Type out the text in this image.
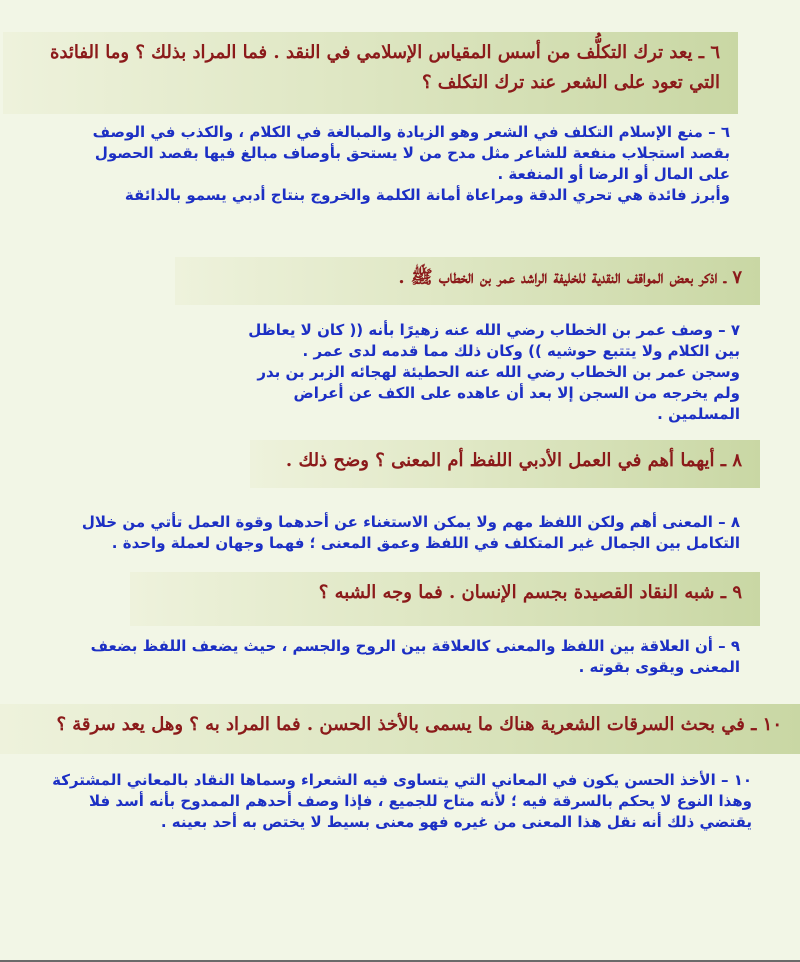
٦ ـ يعد ترك التكلُّف من أسس المقياس الإسلامي في النقد . فما المراد بذلك ؟ وما الفائدة التي تعود على الشعر عند ترك التكلف ؟

٦ – منع الإسلام التكلف في الشعر وهو الزيادة والمبالغة في الكلام ، والكذب في الوصف بقصد استجلاب منفعة للشاعر مثل مدح من لا يستحق بأوصاف مبالغ فيها بقصد الحصول على المال أو الرضا أو المنفعة .

وأبرز فائدة هي تحري الدقة ومراعاة أمانة الكلمة والخروج بنتاج أدبي يسمو بالذائقة

٧ ـ اذكر بعض المواقف النقدية للخليفة الراشد عمر بن الخطاب ﷺ .

٧ – وصف عمر بن الخطاب رضي الله عنه زهيرًا بأنه (( كان لا يعاظل بين الكلام ولا يتتبع حوشيه )) وكان ذلك مما قدمه لدى عمر .

وسجن عمر بن الخطاب رضي الله عنه الحطيئة لهجائه الزبر بن بدر ولم يخرجه من السجن إلا بعد أن عاهده على الكف عن أعراض المسلمين .

٨ ـ أيهما أهم في العمل الأدبي اللفظ أم المعنى ؟ وضح ذلك .

٨ – المعنى أهم ولكن اللفظ مهم ولا يمكن الاستغناء عن أحدهما وقوة العمل تأتي من خلال التكامل بين الجمال غير المتكلف في اللفظ وعمق المعنى ؛ فهما وجهان لعملة واحدة .

٩ ـ شبه النقاد القصيدة بجسم الإنسان . فما وجه الشبه ؟

٩ – أن العلاقة بين اللفظ والمعنى كالعلاقة بين الروح والجسم ، حيث يضعف اللفظ بضعف المعنى ويقوى بقوته .

١٠ ـ في بحث السرقات الشعرية هناك ما يسمى بالأخذ الحسن . فما المراد به ؟ وهل يعد سرقة ؟

١٠ – الأخذ الحسن يكون في المعاني التي يتساوى فيه الشعراء وسماها النقاد بالمعاني المشتركة وهذا النوع لا يحكم بالسرقة فيه ؛ لأنه متاح للجميع ، فإذا وصف أحدهم الممدوح بأنه أسد فلا يقتضي ذلك أنه نقل هذا المعنى من غيره فهو معنى بسيط لا يختص به أحد بعينه .
